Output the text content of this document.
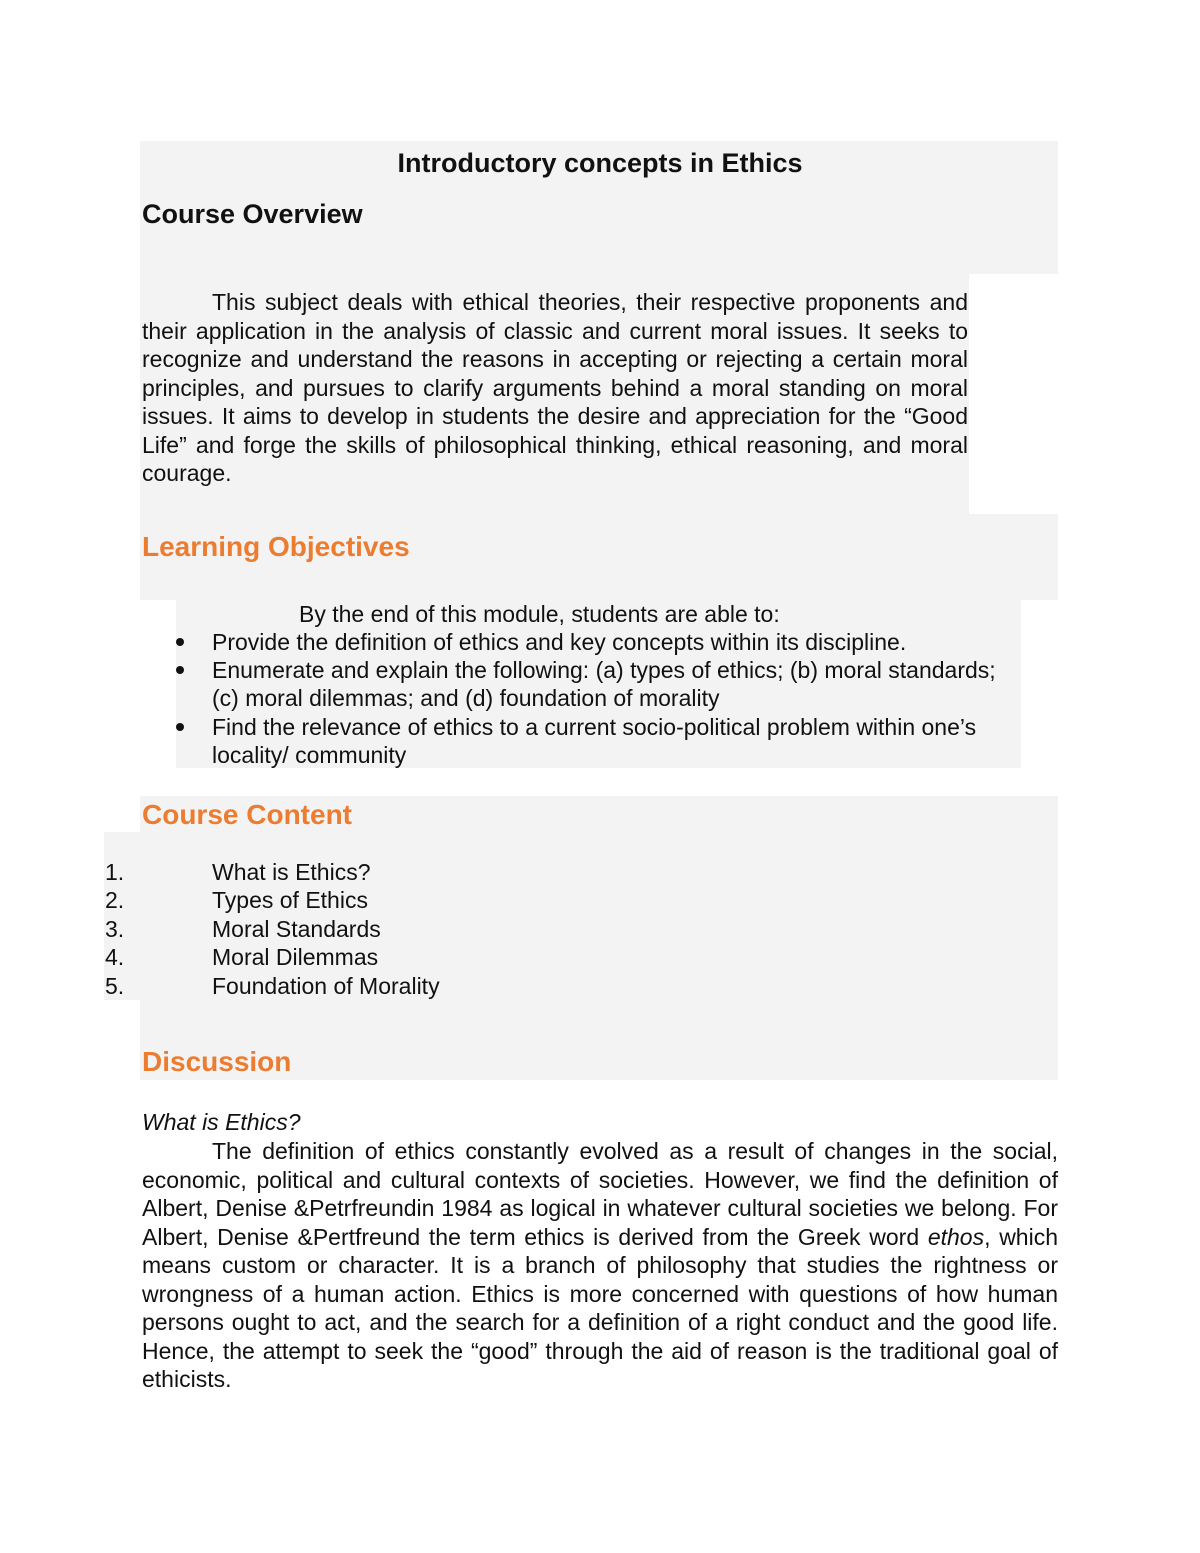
Introductory concepts in Ethics
Course Overview

This subject deals with ethical theories, their respective proponents and their application in the analysis of classic and current moral issues. It seeks to recognize and understand the reasons in accepting or rejecting a certain moral principles, and pursues to clarify arguments behind a moral standing on moral issues. It aims to develop in students the desire and appreciation for the “Good Life” and forge the skills of philosophical thinking, ethical reasoning, and moral courage.

Learning Objectives

By the end of this module, students are able to:

Provide the definition of ethics and key concepts within its discipline.
Enumerate and explain the following: (a) types of ethics; (b) moral standards;
(c) moral dilemmas; and (d) foundation of morality
Find the relevance of ethics to a current socio-political problem within one’s
locality/ community
Course Content
1.	What is Ethics?
2.	Types of Ethics
3.	Moral Standards
4.	Moral Dilemmas
5.	Foundation of Morality
Discussion

What is Ethics?

The definition of ethics constantly evolved as a result of changes in the social, economic, political and cultural contexts of societies. However, we find the definition of Albert, Denise &Petrfreundin 1984 as logical in whatever cultural societies we belong. For Albert, Denise &Pertfreund the term ethics is derived from the Greek word ethos, which means custom or character. It is a branch of philosophy that studies the rightness or wrongness of a human action. Ethics is more concerned with questions of how human persons ought to act, and the search for a definition of a right conduct and the good life. Hence, the attempt to seek the “good” through the aid of reason is the traditional goal of ethicists.
